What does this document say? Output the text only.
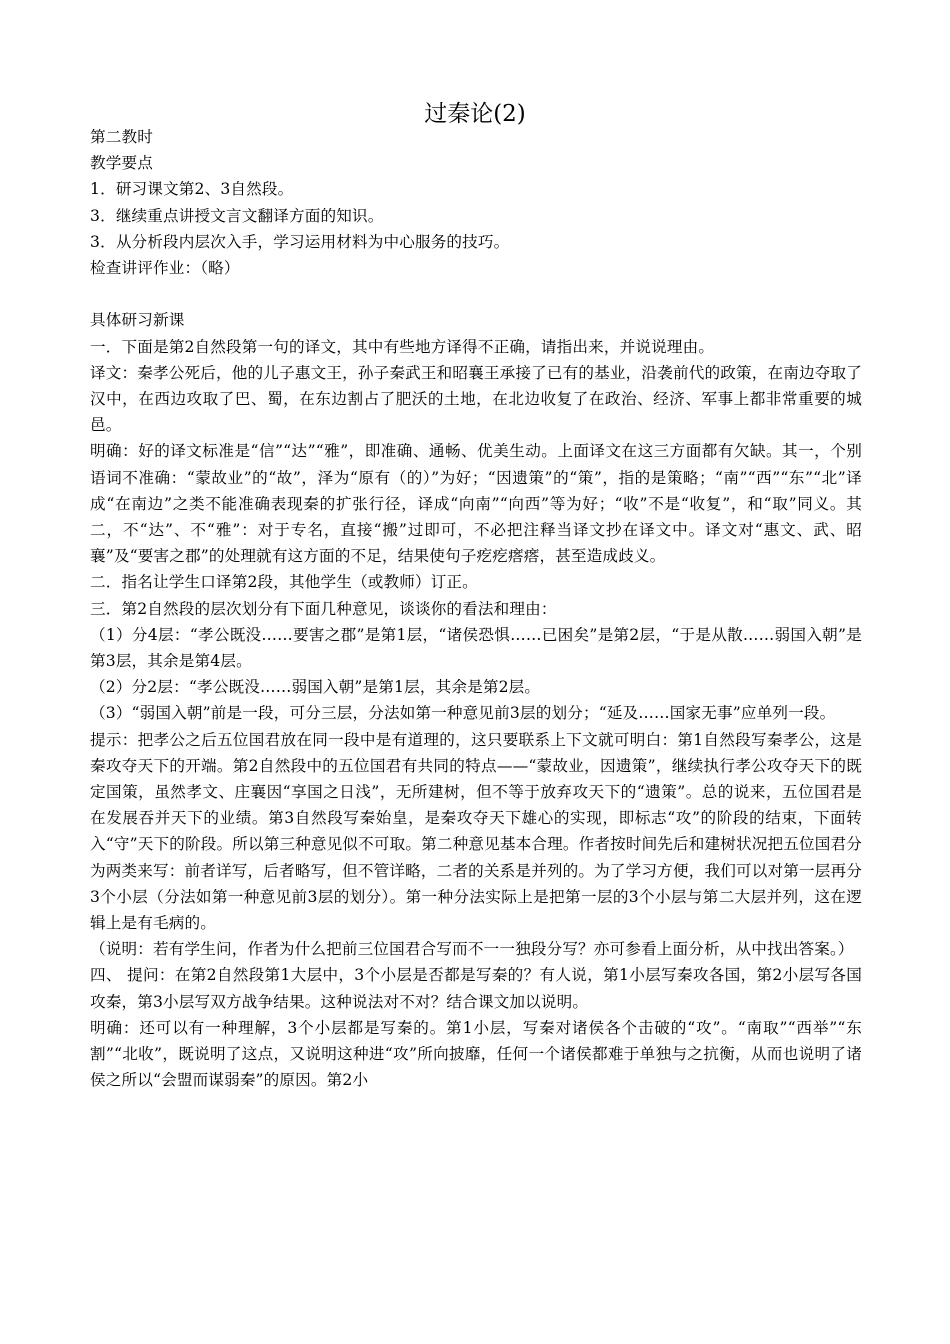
过秦论(2)

第二教时

教学要点

1．研习课文第2、3自然段。

3．继续重点讲授文言文翻译方面的知识。

3．从分析段内层次入手，学习运用材料为中心服务的技巧。

检查讲评作业：（略）

具体研习新课

一．下面是第2自然段第一句的译文，其中有些地方译得不正确，请指出来，并说说理由。

译文：秦孝公死后，他的儿子惠文王，孙子秦武王和昭襄王承接了已有的基业，沿袭前代的政策，在南边夺取了汉中，在西边攻取了巴、蜀，在东边割占了肥沃的土地，在北边收复了在政治、经济、军事上都非常重要的城邑。

明确：好的译文标准是“信”“达”“雅”，即准确、通畅、优美生动。上面译文在这三方面都有欠缺。其一，个别语词不准确：“蒙故业”的“故”，泽为“原有（的）”为好；“因遗策”的“策”，指的是策略；“南”“西”“东”“北”译成“在南边”之类不能准确表现秦的扩张行径，译成“向南”“向西”等为好；“收”不是“收复”，和“取”同义。其二，不“达”、不“雅”：对于专名，直接“搬”过即可，不必把注释当译文抄在译文中。译文对“惠文、武、昭襄”及“要害之郡”的处理就有这方面的不足，结果使句子疙疙瘩瘩，甚至造成歧义。

二．指名让学生口译第2段，其他学生（或教师）订正。

三．第2自然段的层次划分有下面几种意见，谈谈你的看法和理由：

（1）分4层：“孝公既没……要害之郡”是第1层，“诸侯恐惧……已困矣”是第2层，“于是从散……弱国入朝”是第3层，其余是第4层。

（2）分2层：“孝公既没……弱国入朝”是第1层，其余是第2层。

（3）“弱国入朝”前是一段，可分三层，分法如第一种意见前3层的划分；“延及……国家无事”应单列一段。

提示：把孝公之后五位国君放在同一段中是有道理的，这只要联系上下文就可明白：第1自然段写秦孝公，这是秦攻夺天下的开端。第2自然段中的五位国君有共同的特点——“蒙故业，因遗策”，继续执行孝公攻夺天下的既定国策，虽然孝文、庄襄因“享国之日浅”，无所建树，但不等于放弃攻天下的“遗策”。总的说来，五位国君是在发展吞并天下的业绩。第3自然段写秦始皇，是秦攻夺天下雄心的实现，即标志“攻”的阶段的结束，下面转入“守”天下的阶段。所以第三种意见似不可取。第二种意见基本合理。作者按时间先后和建树状况把五位国君分为两类来写：前者详写，后者略写，但不管详略，二者的关系是并列的。为了学习方便，我们可以对第一层再分3个小层（分法如第一种意见前3层的划分）。第一种分法实际上是把第一层的3个小层与第二大层并列，这在逻辑上是有毛病的。

（说明：若有学生问，作者为什么把前三位国君合写而不一一独段分写？亦可参看上面分析，从中找出答案。）

四、 提问：在第2自然段第1大层中，3个小层是否都是写秦的？有人说，第1小层写秦攻各国，第2小层写各国攻秦，第3小层写双方战争结果。这种说法对不对？结合课文加以说明。

明确：还可以有一种理解，3个小层都是写秦的。第1小层，写秦对诸侯各个击破的“攻”。“南取”“西举”“东割”“北收”，既说明了这点，又说明这种进“攻”所向披靡，任何一个诸侯都难于单独与之抗衡，从而也说明了诸侯之所以“会盟而谋弱秦”的原因。第2小
